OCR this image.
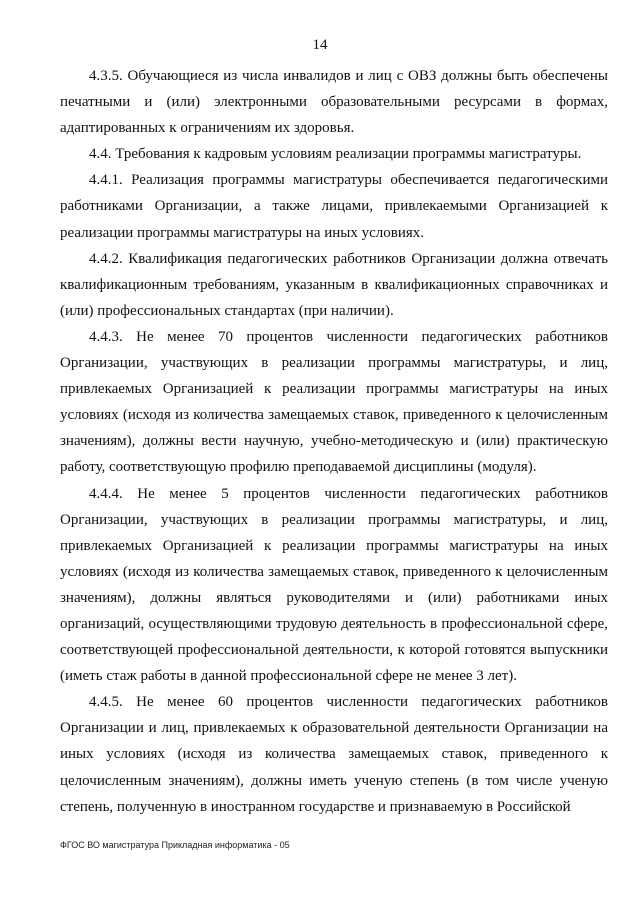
14

4.3.5. Обучающиеся из числа инвалидов и лиц с ОВЗ должны быть обеспечены печатными и (или) электронными образовательными ресурсами в формах, адаптированных к ограничениям их здоровья.

4.4. Требования к кадровым условиям реализации программы магистратуры.

4.4.1. Реализация программы магистратуры обеспечивается педагогическими работниками Организации, а также лицами, привлекаемыми Организацией к реализации программы магистратуры на иных условиях.

4.4.2. Квалификация педагогических работников Организации должна отвечать квалификационным требованиям, указанным в квалификационных справочниках и (или) профессиональных стандартах (при наличии).

4.4.3. Не менее 70 процентов численности педагогических работников Организации, участвующих в реализации программы магистратуры, и лиц, привлекаемых Организацией к реализации программы магистратуры на иных условиях (исходя из количества замещаемых ставок, приведенного к целочисленным значениям), должны вести научную, учебно-методическую и (или) практическую работу, соответствующую профилю преподаваемой дисциплины (модуля).

4.4.4. Не менее 5 процентов численности педагогических работников Организации, участвующих в реализации программы магистратуры, и лиц, привлекаемых Организацией к реализации программы магистратуры на иных условиях (исходя из количества замещаемых ставок, приведенного к целочисленным значениям), должны являться руководителями и (или) работниками иных организаций, осуществляющими трудовую деятельность в профессиональной сфере, соответствующей профессиональной деятельности, к которой готовятся выпускники (иметь стаж работы в данной профессиональной сфере не менее 3 лет).

4.4.5. Не менее 60 процентов численности педагогических работников Организации и лиц, привлекаемых к образовательной деятельности Организации на иных условиях (исходя из количества замещаемых ставок, приведенного к целочисленным значениям), должны иметь ученую степень (в том числе ученую степень, полученную в иностранном государстве и признаваемую в Российской

ФГОС ВО магистратура Прикладная информатика - 05
